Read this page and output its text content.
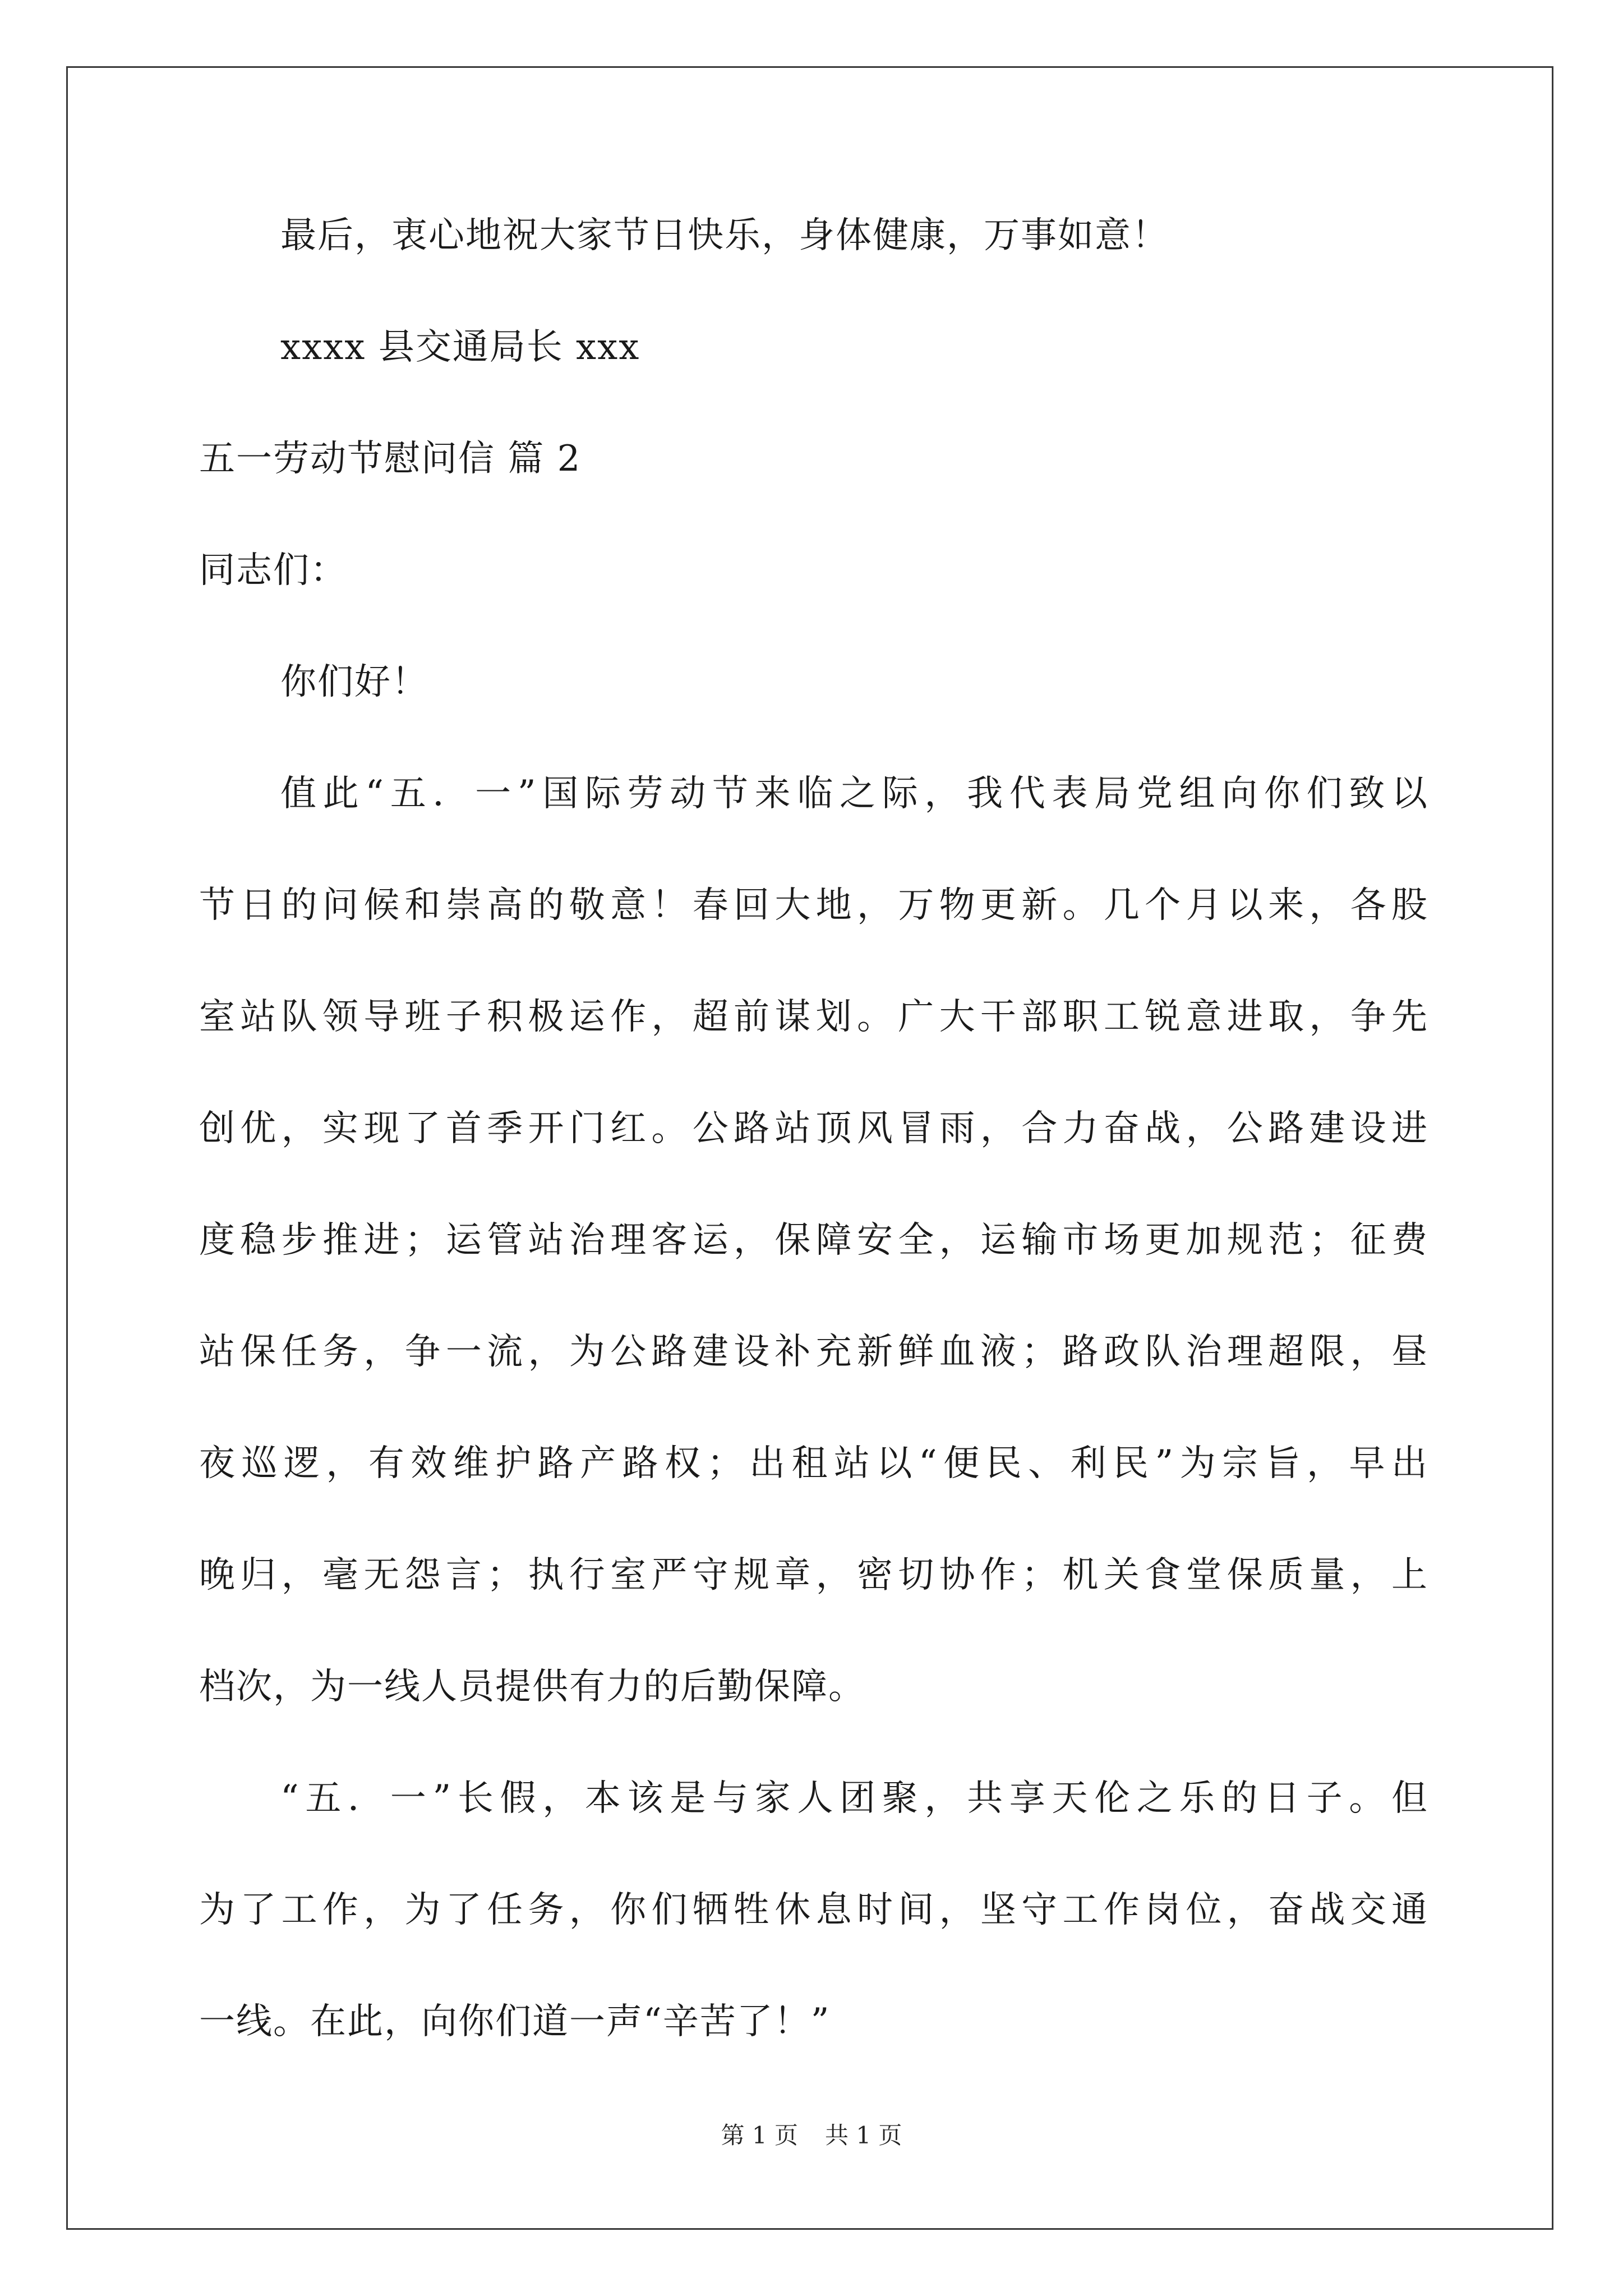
最后，衷心地祝大家节日快乐，身体健康，万事如意！
xxxx 县交通局长 xxx
五一劳动节慰问信 篇 2
同志们：
你们好！
值此“五．一”国际劳动节来临之际，我代表局党组向你们致以
节日的问候和崇高的敬意！春回大地，万物更新。几个月以来，各股
室站队领导班子积极运作，超前谋划。广大干部职工锐意进取，争先
创优，实现了首季开门红。公路站顶风冒雨，合力奋战，公路建设进
度稳步推进；运管站治理客运，保障安全，运输市场更加规范；征费
站保任务，争一流，为公路建设补充新鲜血液；路政队治理超限，昼
夜巡逻，有效维护路产路权；出租站以“便民、利民”为宗旨，早出
晚归，毫无怨言；执行室严守规章，密切协作；机关食堂保质量，上
档次，为一线人员提供有力的后勤保障。
“五．一”长假，本该是与家人团聚，共享天伦之乐的日子。但
为了工作，为了任务，你们牺牲休息时间，坚守工作岗位，奋战交通
一线。在此，向你们道一声“辛苦了！”
第 1 页 共 1 页
